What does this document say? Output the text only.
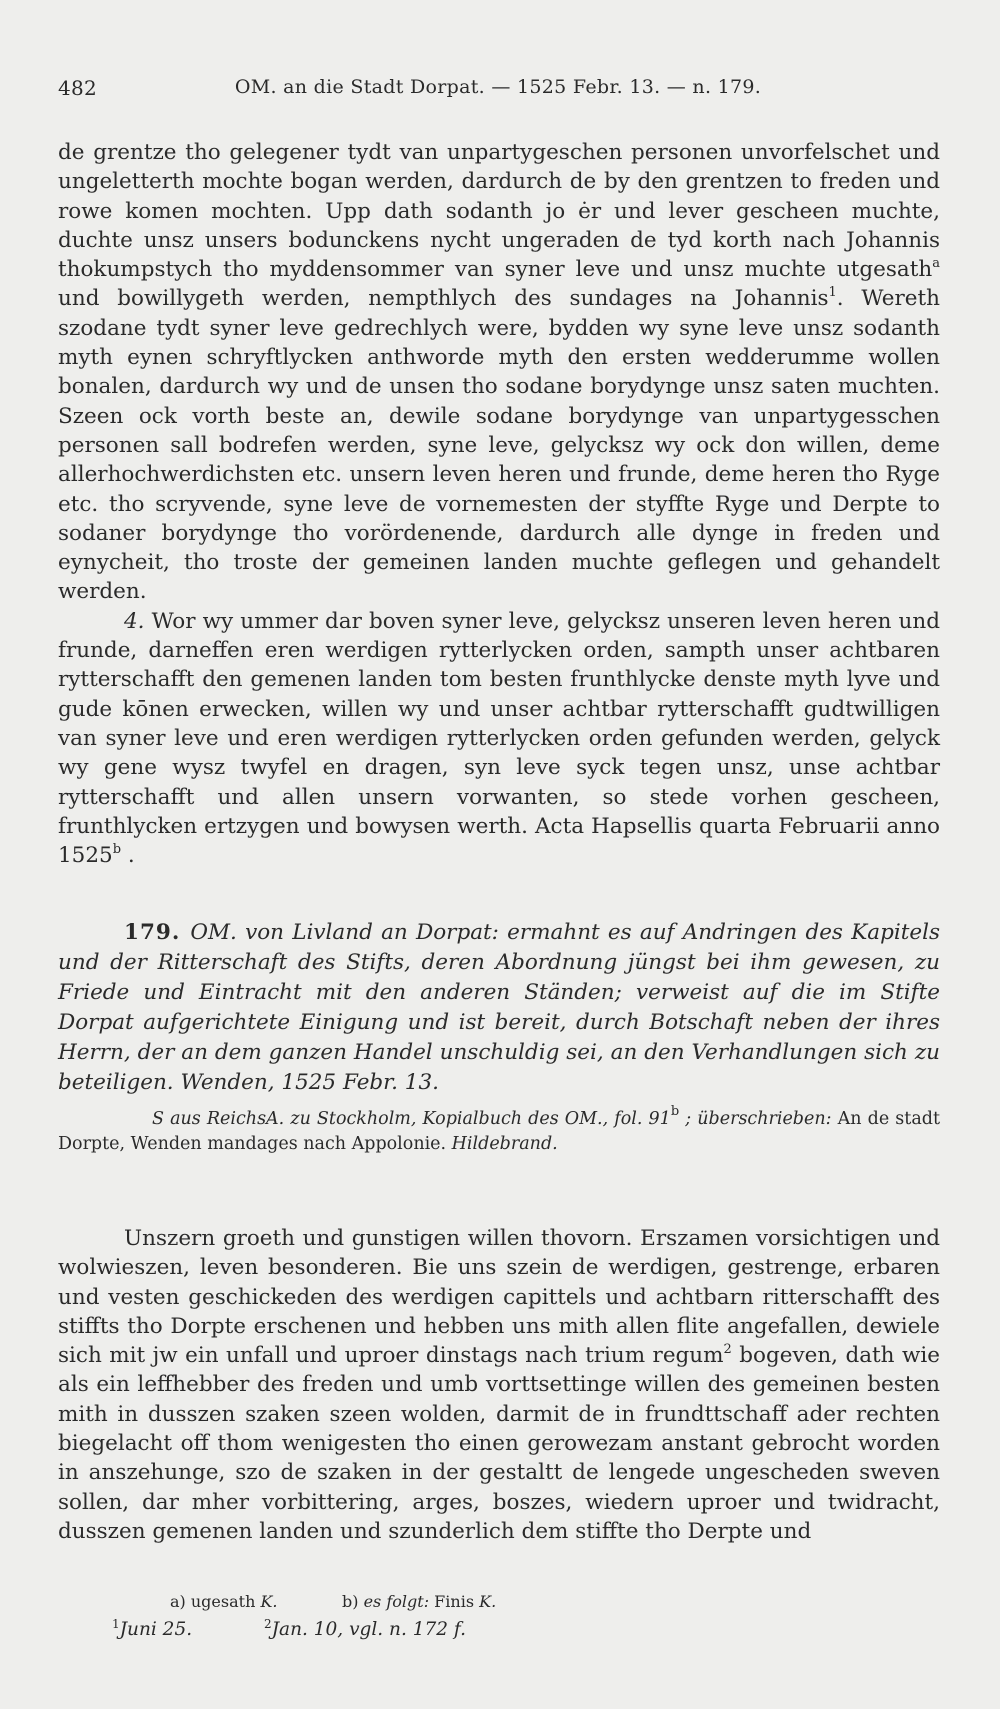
482	OM. an die Stadt Dorpat. — 1525 Febr. 13. — n. 179.

de grentze tho gelegener tydt van unpartygeschen personen unvorfelschet und ungeletterth mochte bogan werden, dardurch de by den grentzen to freden und rowe komen mochten. Upp dath sodanth jo ėr und lever gescheen muchte, duchte unsz unsers bodunckens nycht ungeraden de tyd korth nach Johannis thokumpstych tho myddensommer van syner leve und unsz muchte utgesath$^a$ und bowillygeth werden, nempthlych des sundages na Johannis$^1$. Wereth szodane tydt syner leve gedrechlych were, bydden wy syne leve unsz sodanth myth eynen schryftlycken anthworde myth den ersten wedderumme wollen bonalen, dardurch wy und de unsen tho sodane borydynge unsz saten muchten. Szeen ock vorth beste an, dewile sodane borydynge van unpartygesschen personen sall bodrefen werden, syne leve, gelycksz wy ock don willen, deme allerhochwerdichsten etc. unsern leven heren und frunde, deme heren tho Ryge etc. tho scryvende, syne leve de vornemesten der styffte Ryge und Derpte to sodaner borydynge tho vorördenende, dardurch alle dynge in freden und eynycheit, tho troste der gemeinen landen muchte geflegen und gehandelt werden.

4. Wor wy ummer dar boven syner leve, gelycksz unseren leven heren und frunde, darneffen eren werdigen rytterlycken orden, sampth unser achtbaren rytterschafft den gemenen landen tom besten frunthlycke denste myth lyve und gude kōnen erwecken, willen wy und unser achtbar rytterschafft gudtwilligen van syner leve und eren werdigen rytterlycken orden gefunden werden, gelyck wy gene wysz twyfel en dragen, syn leve syck tegen unsz, unse achtbar rytterschafft und allen unsern vorwanten, so stede vorhen gescheen, frunthlycken ertzygen und bowysen werth. Acta Hapsellis quarta Februarii anno 1525$^b$ .

179. OM. von Livland an Dorpat: ermahnt es auf Andringen des Kapitels und der Ritterschaft des Stifts, deren Abordnung jüngst bei ihm gewesen, zu Friede und Eintracht mit den anderen Ständen; verweist auf die im Stifte Dorpat aufgerichtete Einigung und ist bereit, durch Botschaft neben der ihres Herrn, der an dem ganzen Handel unschuldig sei, an den Verhandlungen sich zu beteiligen. Wenden, 1525 Febr. 13.
S aus ReichsA. zu Stockholm, Kopialbuch des OM., fol. 91$^b$ ; überschrieben: An de stadt Dorpte, Wenden mandages nach Appolonie. Hildebrand.

Unszern groeth und gunstigen willen thovorn. Erszamen vorsichtigen und wolwieszen, leven besonderen. Bie uns szein de werdigen, gestrenge, erbaren und vesten geschickeden des werdigen capittels und achtbarn ritterschafft des stiffts tho Dorpte erschenen und hebben uns mith allen flite angefallen, dewiele sich mit jw ein unfall und uproer dinstags nach trium regum$^2$ bogeven, dath wie als ein leffhebber des freden und umb vorttsettinge willen des gemeinen besten mith in dusszen szaken szeen wolden, darmit de in frundttschaff ader rechten biegelacht off thom wenigesten tho einen gerowezam anstant gebrocht worden in anszehunge, szo de szaken in der gestaltt de lengede ungescheden sweven sollen, dar mher vorbittering, arges, boszes, wiedern uproer und twidracht, dusszen gemenen landen und szunderlich dem stiffte tho Derpte und

a) ugesath K.	b) es folgt: Finis K.
$^1$Juni 25.	$^2$Jan. 10, vgl. n. 172 f.
